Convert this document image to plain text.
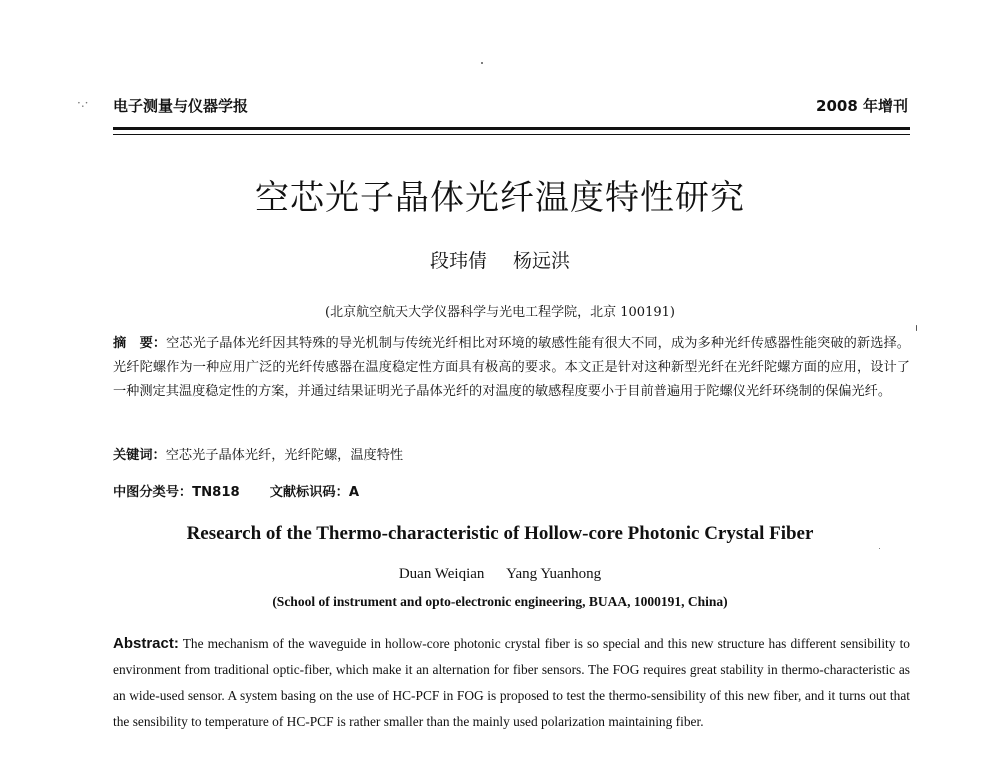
·.· 电子测量与仪器学报	2008 年增刊
空芯光子晶体光纤温度特性研究
段玮倩 杨远洪
(北京航空航天大学仪器科学与光电工程学院，北京 100191)
摘　要：空芯光子晶体光纤因其特殊的导光机制与传统光纤相比对环境的敏感性能有很大不同，成为多种光纤传感器性能突破的新选择。光纤陀螺作为一种应用广泛的光纤传感器在温度稳定性方面具有极高的要求。本文正是针对这种新型光纤在光纤陀螺方面的应用，设计了一种测定其温度稳定性的方案，并通过结果证明光子晶体光纤的对温度的敏感程度要小于目前普遍用于陀螺仪光纤环绕制的保偏光纤。
关键词：空芯光子晶体光纤，光纤陀螺，温度特性
中图分类号：TN818 文献标识码：A
Research of the Thermo-characteristic of Hollow-core Photonic Crystal Fiber
Duan Weiqian Yang Yuanhong
(School of instrument and opto-electronic engineering, BUAA, 1000191, China)
Abstract: The mechanism of the waveguide in hollow-core photonic crystal fiber is so special and this new structure has different sensibility to environment from traditional optic-fiber, which make it an alternation for fiber sensors. The FOG requires great stability in thermo-characteristic as an wide-used sensor. A system basing on the use of HC-PCF in FOG is proposed to test the thermo-sensibility of this new fiber, and it turns out that the sensibility to temperature of HC-PCF is rather smaller than the mainly used polarization maintaining fiber.
